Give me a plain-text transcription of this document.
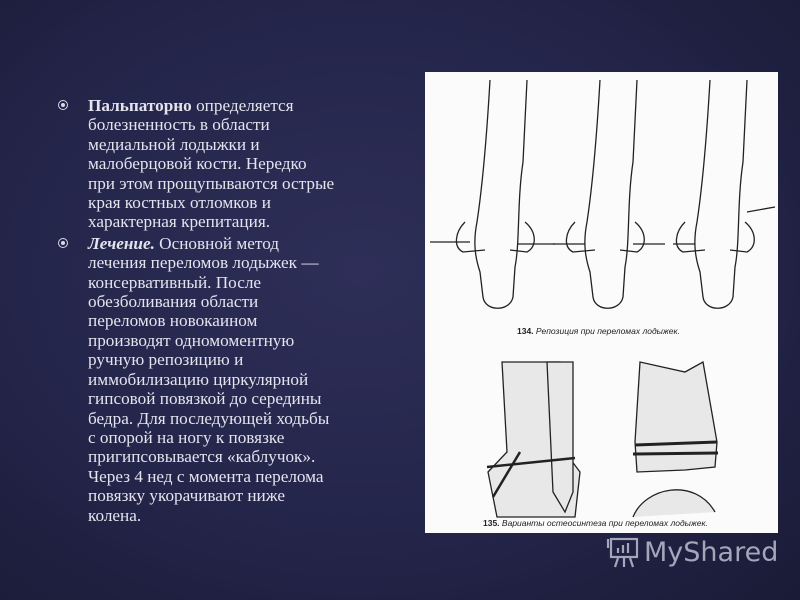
Пальпаторно определяется
болезненность в области
медиальной лодыжки и
малоберцовой кости. Нередко
при этом прощупываются острые
края костных отломков и
характерная крепитация.
Лечение. Основной метод
лечения переломов лодыжек —
консервативный. После
обезболивания области
переломов новокаином
производят одномоментную
ручную репозицию и
иммобилизацию циркулярной
гипсовой повязкой до середины
бедра. Для последующей ходьбы
с опорой на ногу к повязке
пригипсовывается «каблучок».
Через 4 нед с момента перелома
повязку укорачивают ниже
колена.
134. Репозиция при переломах лодыжек.
135. Варианты остеосинтеза при переломах лодыжек.
MyShared
